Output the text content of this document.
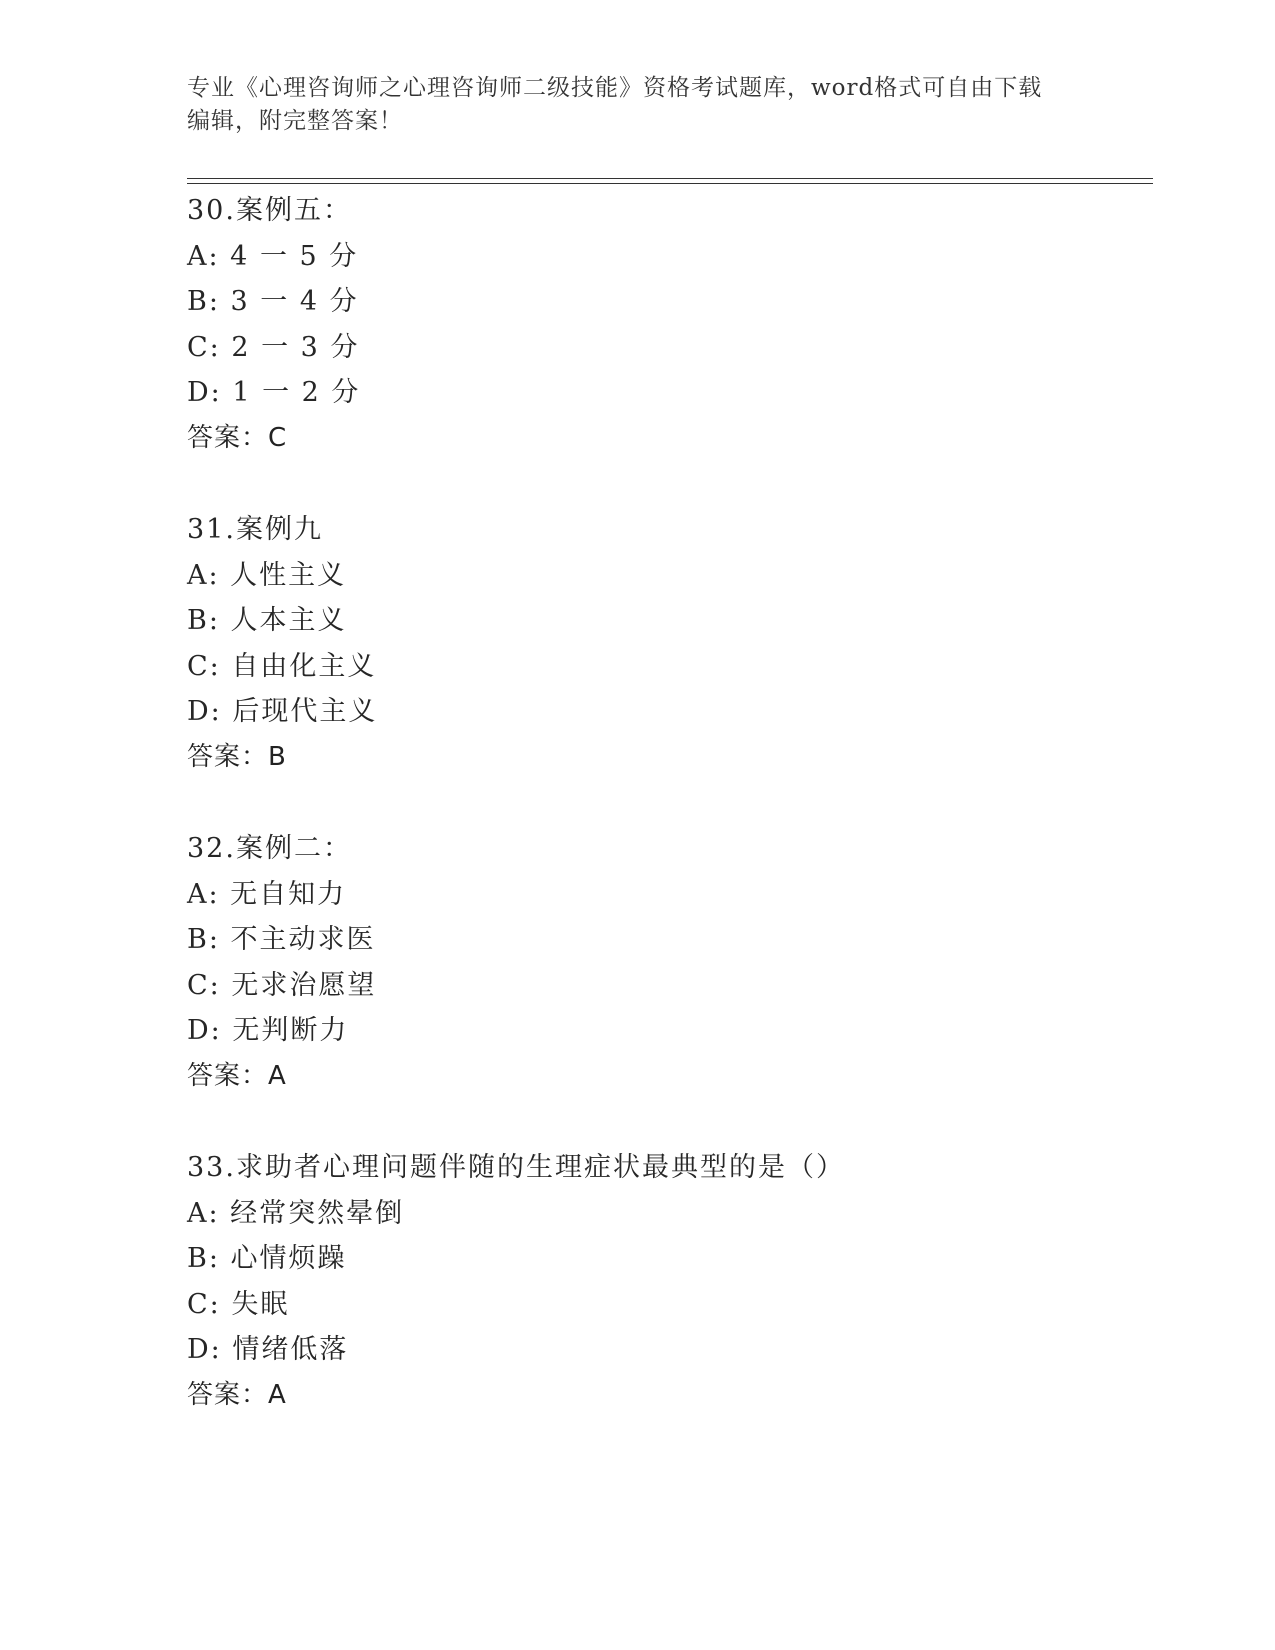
专业《心理咨询师之心理咨询师二级技能》资格考试题库，word格式可自由下载
编辑，附完整答案！
30.案例五：
A: 4 一 5 分
B: 3 一 4 分
C: 2 一 3 分
D: 1 一 2 分
答案：C
31.案例九
A: 人性主义
B: 人本主义
C: 自由化主义
D: 后现代主义
答案：B
32.案例二：
A: 无自知力
B: 不主动求医
C: 无求治愿望
D: 无判断力
答案：A
33.求助者心理问题伴随的生理症状最典型的是（）
A: 经常突然晕倒
B: 心情烦躁
C: 失眠
D: 情绪低落
答案：A
